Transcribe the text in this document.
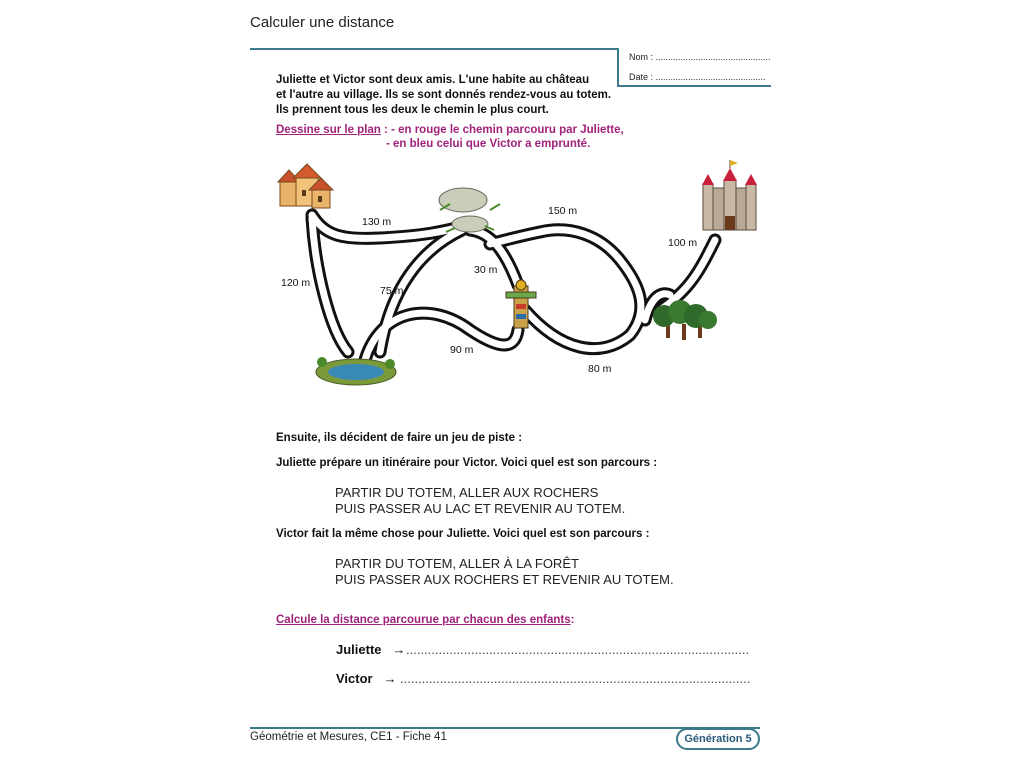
Calculer une distance
Nom : ..............................................
Date : ............................................
Juliette et Victor sont deux amis. L'une habite au château
et l'autre au village. Ils se sont donnés rendez-vous au totem.
Ils prennent tous les deux le chemin le plus court.
Dessine sur le plan : - en rouge le chemin parcouru par Juliette,
- en bleu celui que Victor a emprunté.
130 m
150 m
100 m
120 m
75 m
30 m
90 m
80 m
Ensuite, ils décident de faire un jeu de piste :
Juliette prépare un itinéraire pour Victor. Voici quel est son parcours :
PARTIR DU TOTEM, ALLER AUX ROCHERS
PUIS PASSER AU LAC ET REVENIR AU TOTEM.
Victor fait la même chose pour Juliette. Voici quel est son parcours :
PARTIR DU TOTEM, ALLER À LA FORÊT
PUIS PASSER AUX ROCHERS ET REVENIR AU TOTEM.
Calcule la distance parcourue par chacun des enfants:
Juliette → ...............................................................................................
Victor → .................................................................................................
Géométrie et Mesures, CE1 - Fiche 41	Génération 5
